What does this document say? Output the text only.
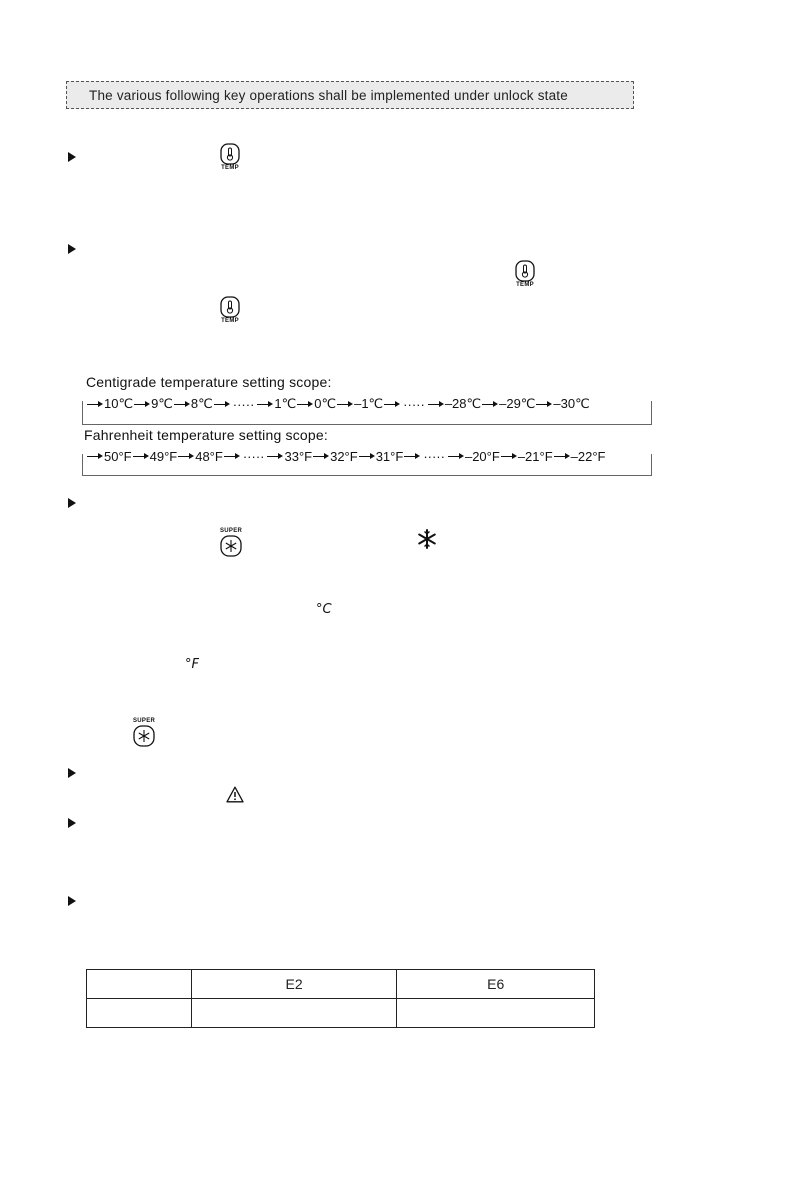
The various following key operations shall be implemented under unlock state
TEMP
TEMP
TEMP
Centigrade temperature setting scope:
10℃ 9℃ 8℃ ····· 1℃ 0℃ –1℃ ····· –28℃ –29℃ –30℃
Fahrenheit temperature setting scope:
50°F 49°F 48°F ····· 33°F 32°F 31°F ····· –20°F –21°F –22°F
SUPER
°C
°F
SUPER
	E2	E6
